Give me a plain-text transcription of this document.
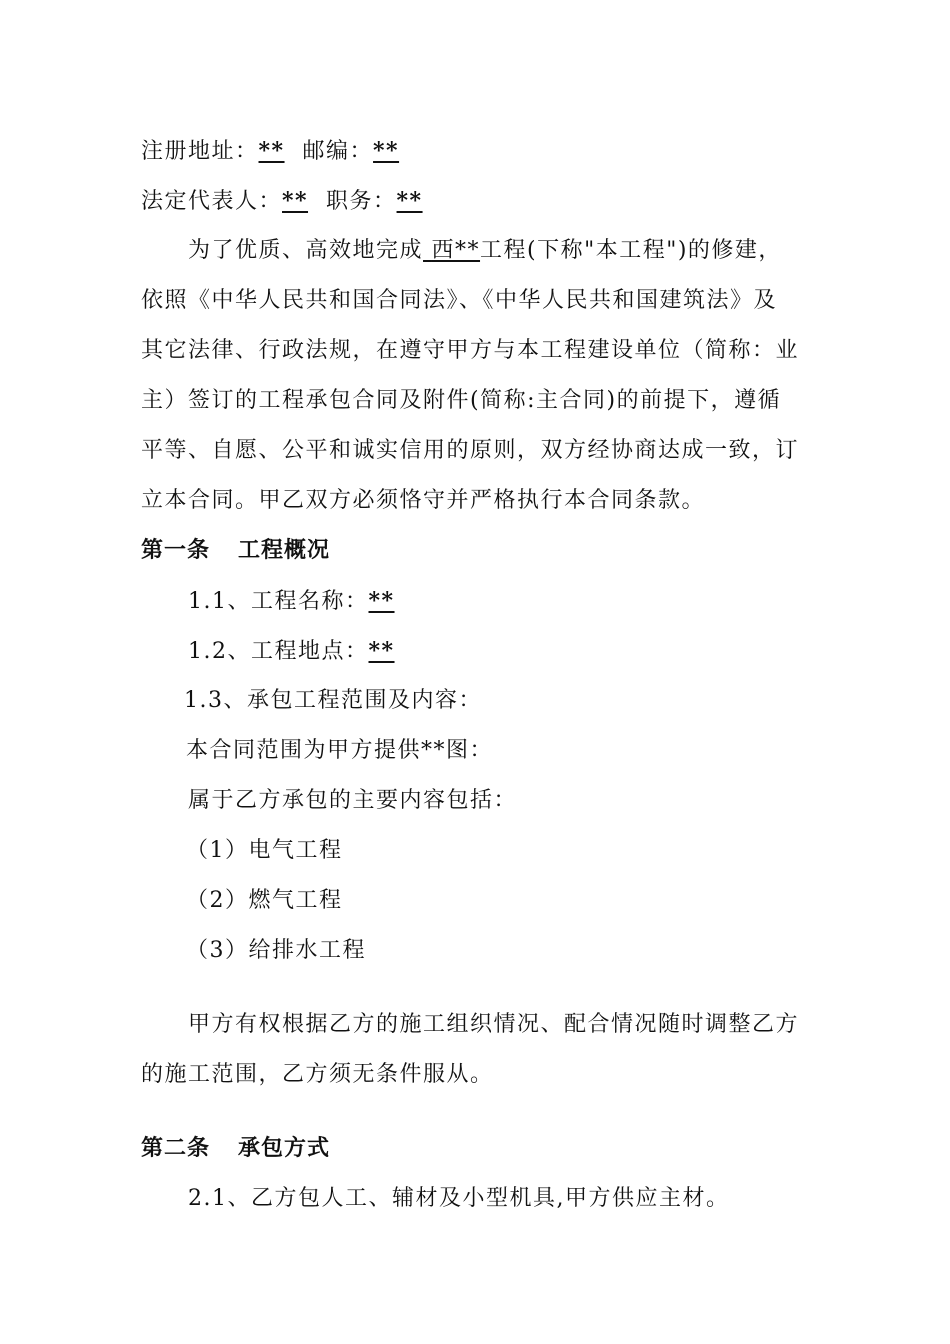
注册地址：** 邮编：**
法定代表人：** 职务：**
为了优质、高效地完成 西**工程(下称"本工程")的修建，
依照《中华人民共和国合同法》、《中华人民共和国建筑法》及
其它法律、行政法规，在遵守甲方与本工程建设单位（简称：业
主）签订的工程承包合同及附件(简称:主合同)的前提下，遵循
平等、自愿、公平和诚实信用的原则，双方经协商达成一致，订
立本合同。甲乙双方必须恪守并严格执行本合同条款。
第一条 工程概况
1.1、工程名称：**
1.2、工程地点：**
1.3、承包工程范围及内容：
本合同范围为甲方提供**图：
属于乙方承包的主要内容包括：
（1）电气工程
（2）燃气工程
（3）给排水工程
甲方有权根据乙方的施工组织情况、配合情况随时调整乙方
的施工范围，乙方须无条件服从。
第二条 承包方式
2.1、乙方包人工、辅材及小型机具,甲方供应主材。
